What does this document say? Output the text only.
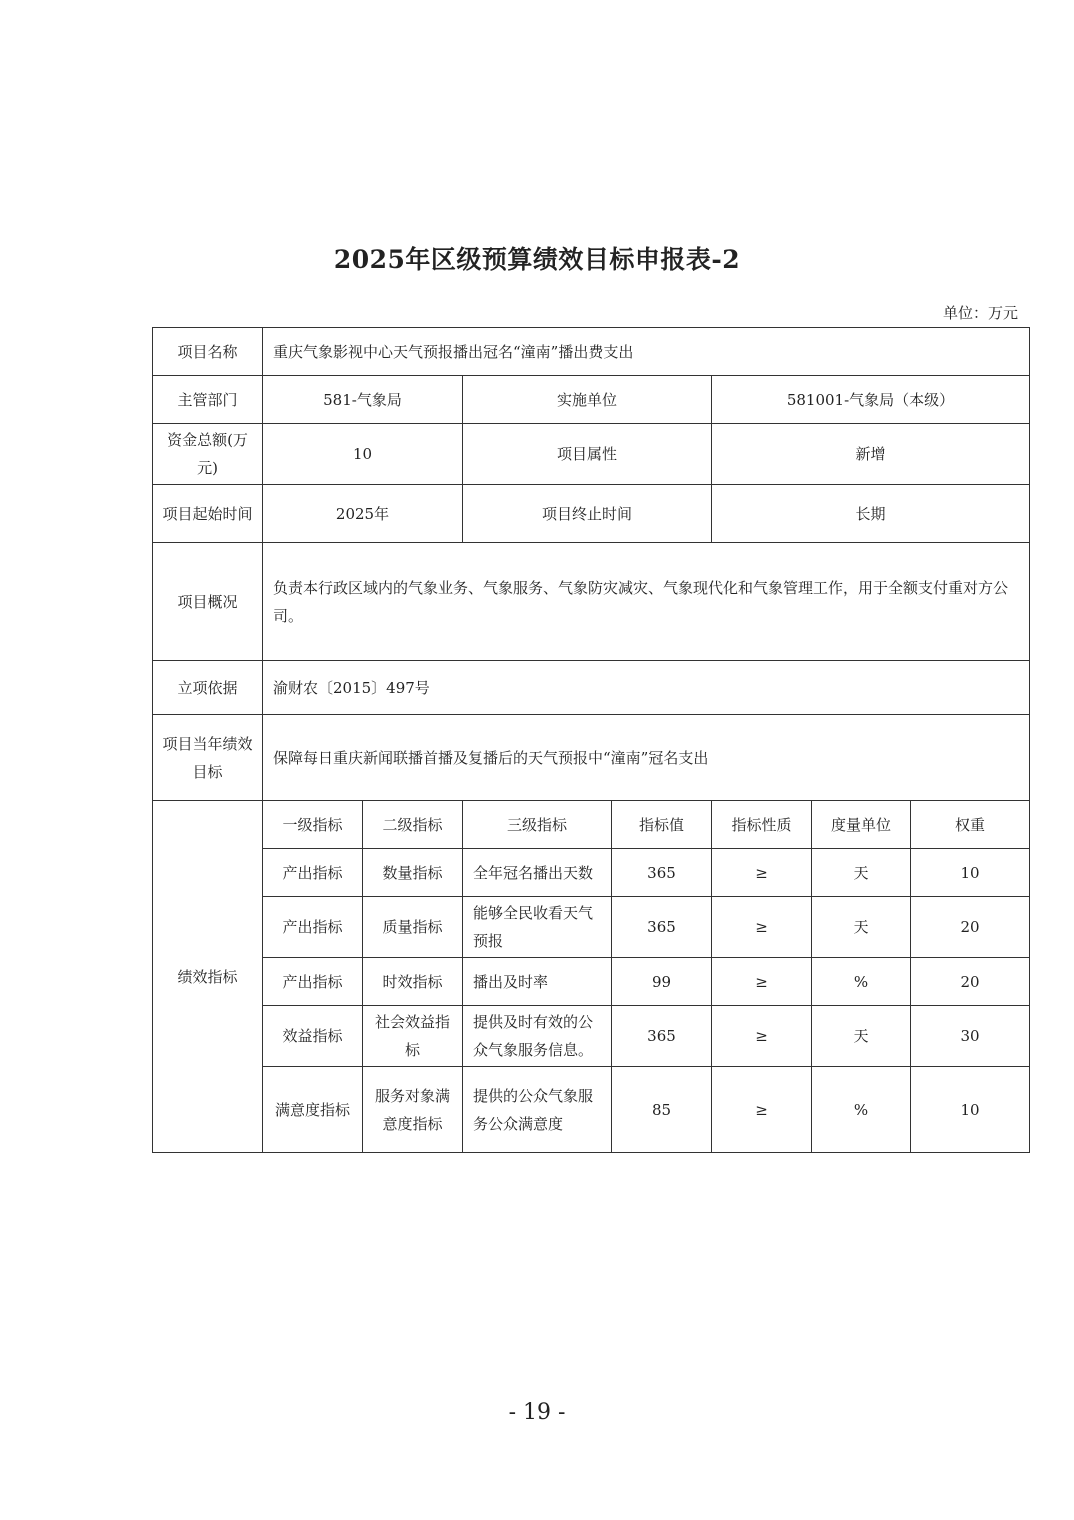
2025年区级预算绩效目标申报表-2
单位：万元
项目名称	重庆气象影视中心天气预报播出冠名“潼南”播出费支出						
主管部门	581-气象局		实施单位		581001-气象局（本级）		
资金总额(万元)	10		项目属性		新增		
项目起始时间	2025年		项目终止时间		长期		
项目概况	负责本行政区域内的气象业务、气象服务、气象防灾减灾、气象现代化和气象管理工作，用于全额支付重对方公司。						
立项依据	渝财农〔2015〕497号						
项目当年绩效目标	保障每日重庆新闻联播首播及复播后的天气预报中“潼南”冠名支出						
绩效指标	一级指标	二级指标	三级指标	指标值	指标性质	度量单位	权重
	产出指标	数量指标	全年冠名播出天数	365	≥	天	10
	产出指标	质量指标	能够全民收看天气预报	365	≥	天	20
	产出指标	时效指标	播出及时率	99	≥	%	20
	效益指标	社会效益指标	提供及时有效的公众气象服务信息。	365	≥	天	30
	满意度指标	服务对象满意度指标	提供的公众气象服务公众满意度	85	≥	%	10
- 19 -
